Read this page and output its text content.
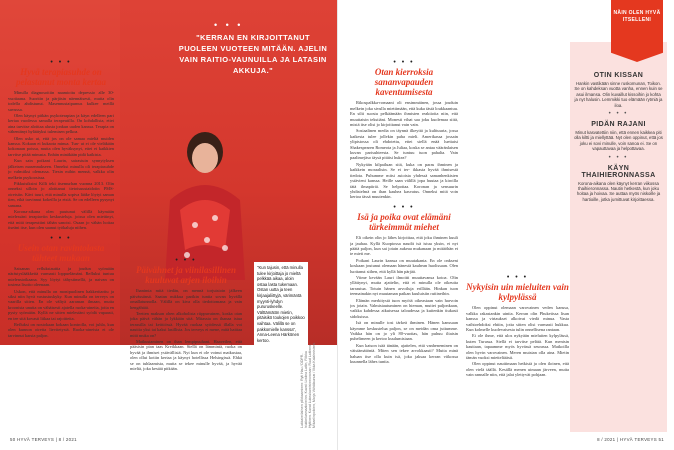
• • •
"KERRAN EN KIRJOITTANUT PUOLEEN VUOTEEN MITÄÄN. AJELIN VAIN RAITIO-VAUNUILLA JA LATASIN AKKUJA."
• • •
Hyvä terapiasuhde on pelastanut monta kertaa

Minulla diagnosoitiin naamioitu depressio alle 30-vuotiaana. Suoritin ja pärjäsin näennäisesti, mutta olin todella ahdistunut. Masennustaipumus kulkee meillä suvussa.

Olen käynyt pitkän psykoterapian ja käyn edelleen pari kertaa vuodessa samalla terapeutilla. On kohdallista, ettei aina tarvitse aloittaa alusta jonkun uuden kanssa. Terapia on vähentänyt hyläätyksi tulemisen pelkoa.

Olen usko ut, että jos on ole samaa mieltä muiden kanssa. Kokaan ei kukaota minua. Tun- ut ei ole vieläkään kokonaan poissa, mutta olen hyväksynyt, ettei ei kaikkien tarvitse pitää minusta. Enhän minäkään pidä kaikista.

Kun sain poikani Laurin, sairastuin synnytyksen jälkeisen masennukseen. Onneksi minulla oli terapiasuhde jo valmiiksi olemassa. Tiesin mihin mennä, valkka olin melkein psykoosissa.

Pikkuisiksini Killi teki itsemurhan vuonna 2013. Olin onneksi silloin jo aloittanut tietoisuustaidoiin PMS-oireisiin. Kävi tuuri, että minulla sopiva lääke löytyi saman tien, eikä tarvinnut kokeilla ja etsiä. Se on edelleen pysynyt samana.

Korona-aikana olen puutunut välillä käymään mielessäni terapiaviin keskusteluja. joissa olen miettinyt, että mitä terapeuttini tähän sanoisi. Osaan jo vähän hoitaa itseäni itse, kun olen saanut työkaluja niihen.

• • •
Usein otan ravintolasta tähteet mukaan

Saisanan reflukstauttia ja joudun syömään närästyslääkkeitä varmasti loppuelämäni. Refluksi tuntuu mielenstoikaana. Syy löytyi tähystimellä, ja naivan on tosiena lisoito oleenaan.

Uskon, että minulla on monipuolinen hakkeritarttu ja siksi niin hyvä vastustuskyky. Kun minulla on terveys on vaarilla sitten. En ole vältyä aaraman ilmaan, mutta kroonista unutta on vähäisesti ajatella ruoka-aineita, joita en pysty syömään. Kyllä ne sitten mielestäni syödä vapaasti, en tee sitä kovasti liikaa tai rajoitteita.

Refluksi on nostokaan kokaan kontrolla, voi juhla, kun olen kunnon oiretta lievitetystä. Ruoka-aineista ei ole tarvinnut karsia paljon.

• • •
Päivähnet ja viinilasillinen kuuluvat arjen iloihin

Ihanimta mitä tiedän, on mennä torjuistoin jälkeen päivässänsä. Saatan nukkua parikin tuntia sovan hyvällä omallatunnolla. Välillä on kiva olla tiedottomana ja vain hengähtää.

Teetten maksan ohen alkoholista riippuvainen, koska otan joka päivä vähän ja lykkään sitä. Mitassta on ihanaa istua terassilla tai keittiössä. Hyvää ruokaa syödessä illalla voi nauttia yksi tai kaksi lasillista. Jos terveys ei mene, mitä haittaa mitä muka on?

Matkustaminen on ihan lempipuuhani. Haaveilen, että pääsisin pian taas Kreikkaan. Siellä on lämmintä, ruoka on hyvää ja ihmiset ystävällisiä. Nyt kun ei ole voinut matkustaa, olen ollut kotiin kertaa ja käynyt hotellissa Helsingissä. Ehkä se on tuhlaamista, mutta se tekee minulle hyvää, ja hyvää mieltä, joka kestää pitkään.

"Kun tajusin, että minulla tulee kirjoittaja jo mieltä pelkkää aikaa, aloin ostaa lasta tukemaan. Ostan uutta ja teen kirjaajaliittyjä, värimäntä myynti-lyhdyn pururuskeelle. Välttämätön mietin, pitäisikö toukojen poikkoo vaihtaa. Välillä se on pakkomielle kanssa", Anna-Leena Härkönen kertoo.
Lukkaimilaiisen pilkkaaminen: Ryti Hau / DDPR-hiukkelusmaatoiminn. Kuvat: Lindea Laitin, Riikka Hyttinen. Kuvat Lukeukamisinmonosan: Ruut Laitinen, Mikaelinpoikien, Marja Vähätaunus / Ilkka Kalahnisiemi.
50 HYVÄ TERVEYS | 8 / 2021
• • •
Otan kierroksia sananvapauden kaventumisesta

Rikospalkka-romaani oli ensimmäinen, jossa jouduin melkein joka sivulla miettimään, että kuka tästä loukkaantuu. En silti suostu pelkäämään ihmisten reaktioita niin, että muuttaisin tekstiäni. Monesti vihat saa joku kuolemaa siitä, mistä itse olisi jo kirjoittanut vain vain.

Sosiaalinen media on täynnä ilkeyttä ja kulttuuria, jossa kaikesta tulee jollekin paha mieli. Amerikassa jossain ylipistossa oli ehdotettu, ettei siellä enää luettaisi Shakespearen Romeota ja Juliaa, koska se antaa vääränlaisen kuvan parisuhteesta. Se tuntuu tuon pahalta. Vain paalimejäso täysä pitäisi hukea?

Nykyään kilpailuan sitä, kuka on paras ihminen ja kaikkein moraalisin. Se ei ter- ikkasta hyvää ihmisestä tiedota. Puhumme mitsi asioista yhdessä samanhenkisten ystävieni kanssa. Heille saan välillä jopa huutaa ja kiroilla tätä ilmapiiriä. Se helpottaa. Koronan ja sensuurin yhdistelmä on ihan kauhea kasvatus. Onneksi mitä voin kertoa tässä muutenkin.

• • •
Isä ja poika ovat elämäni tärkeimmät miehet

Eli oikein olin jo lähes kirjoittaa, että joku ihminen kuuli ja jauhaa. Kyllä Kuopiossa naudit isä istuu yksin, ei nyt päätä paljon, kun sai jotain aukeaa mukanaan ja mitäöhän et te mieti me.

Poikani Laurin kanssa on muutakanta. En ole onkseni koskaan joutunut olemaan hänestä kauhean huolissaan. Olen luottanut siihen, että kyllä hän pärjää.

Viime kevään Lauri ilmoitti muuttavansa kotoa. Olin yllättynyt, mutta ajattelin, että ei minulla ole oikeutta tarrautua. Totuin hänen arvoiluja erillään. Hinkan tuon teemainakin nyt muutaman paikan kuuluisiin rutiineihin.

Elämän merkitystä tuon myötä oikeastaan vain harvoin jos jotain. Valmistautuminen on hieman, muttei paljonkaan, vaikka kahdessa aikuisessa taloudessa ja kuitenkin tiukasti sidoksissa.

Isä on minulle tosi tärkeä ihminen. Hänen kanssaan käymme keskustelua paljon, se on meidän oma juttumme. Vaikka hän on jo yli 80-vuotias, hän puhuu iltaisin puhelimeen ja kertoo kuulumisiaan.

Kun katson isää tänään, ajattelen, että vanheneminen on väistämätöntä. Miten sen tekee arvokkaasti? Mutta minä haluan itse olla kuin isä, joka jaksaa kerran viikossa kuunnella lähes tuntia.

• • •
Nykyisin uin mieluiten vain kylpylässä

Olen oppinut olemaan varovainen veden kanssa, valkka rakastankin uintia. Kerran olin Phuketissa lisan kanssa ja virtaukset alkoivat viedä minua. Vasta vaihtoehdoksi ehtiin, jotta sitten olisi varmasti hukkua. Kun kolmelle kuolevaisesta tulin onnellisena rantaan.

Ei ole ihme, että ulos nykyään mieluiten kylpylässä, kuten Turussa. Siellä ei tarvitse pelätä. Kun menisin kauttaan, tapaamme myös hyvässä seurassa. Matkoilla olen hyvin varovainen. Meren muistan olla aina. Mietin tämän vuoksi mietteliäästi.

Olen oppinut nauttimaan hetkistä ja olen iloinen, että olen vielä täällä. Kesällä menen uimaan järveen, mutta vain rannalle niin, että jalat ylettyvät pohjaan.

8 / 2021 | HYVÄ TERVEYS 51
OTIN KISSAN
Hankin vastikään sinne ruskomunan, Toikon. Se on kahdeksan vuotta vanha, ennen kuin se asui ilmansa. Olin kuvaillut kissoihin jo kohta ja nyt halusin. Lemmikki tuo elämään rytmiä ja iloa.
• • •
PIDÄN RAJANI
Minut kasvatettiin niin, että ennen kaikkea piti olla kiltti ja miellyttää. Nyt olen oppinut, että jos joku ei sovi minulle, voin sanoa ei. Se on vapauttavaa ja helpottavaa.
• • •
KÄYN THAIHIERONNASSA
Korona-aikana olen käynyt kerran viikossa thaihieronnassa. Nautin hetkestä, kun joku hoitaa ja hoivaa. Se auttaa myös niskoille ja hartioille, jotka jumittuvat kirjoittaessa.
NÄIN OLEN HYVÄ ITSELLENI
